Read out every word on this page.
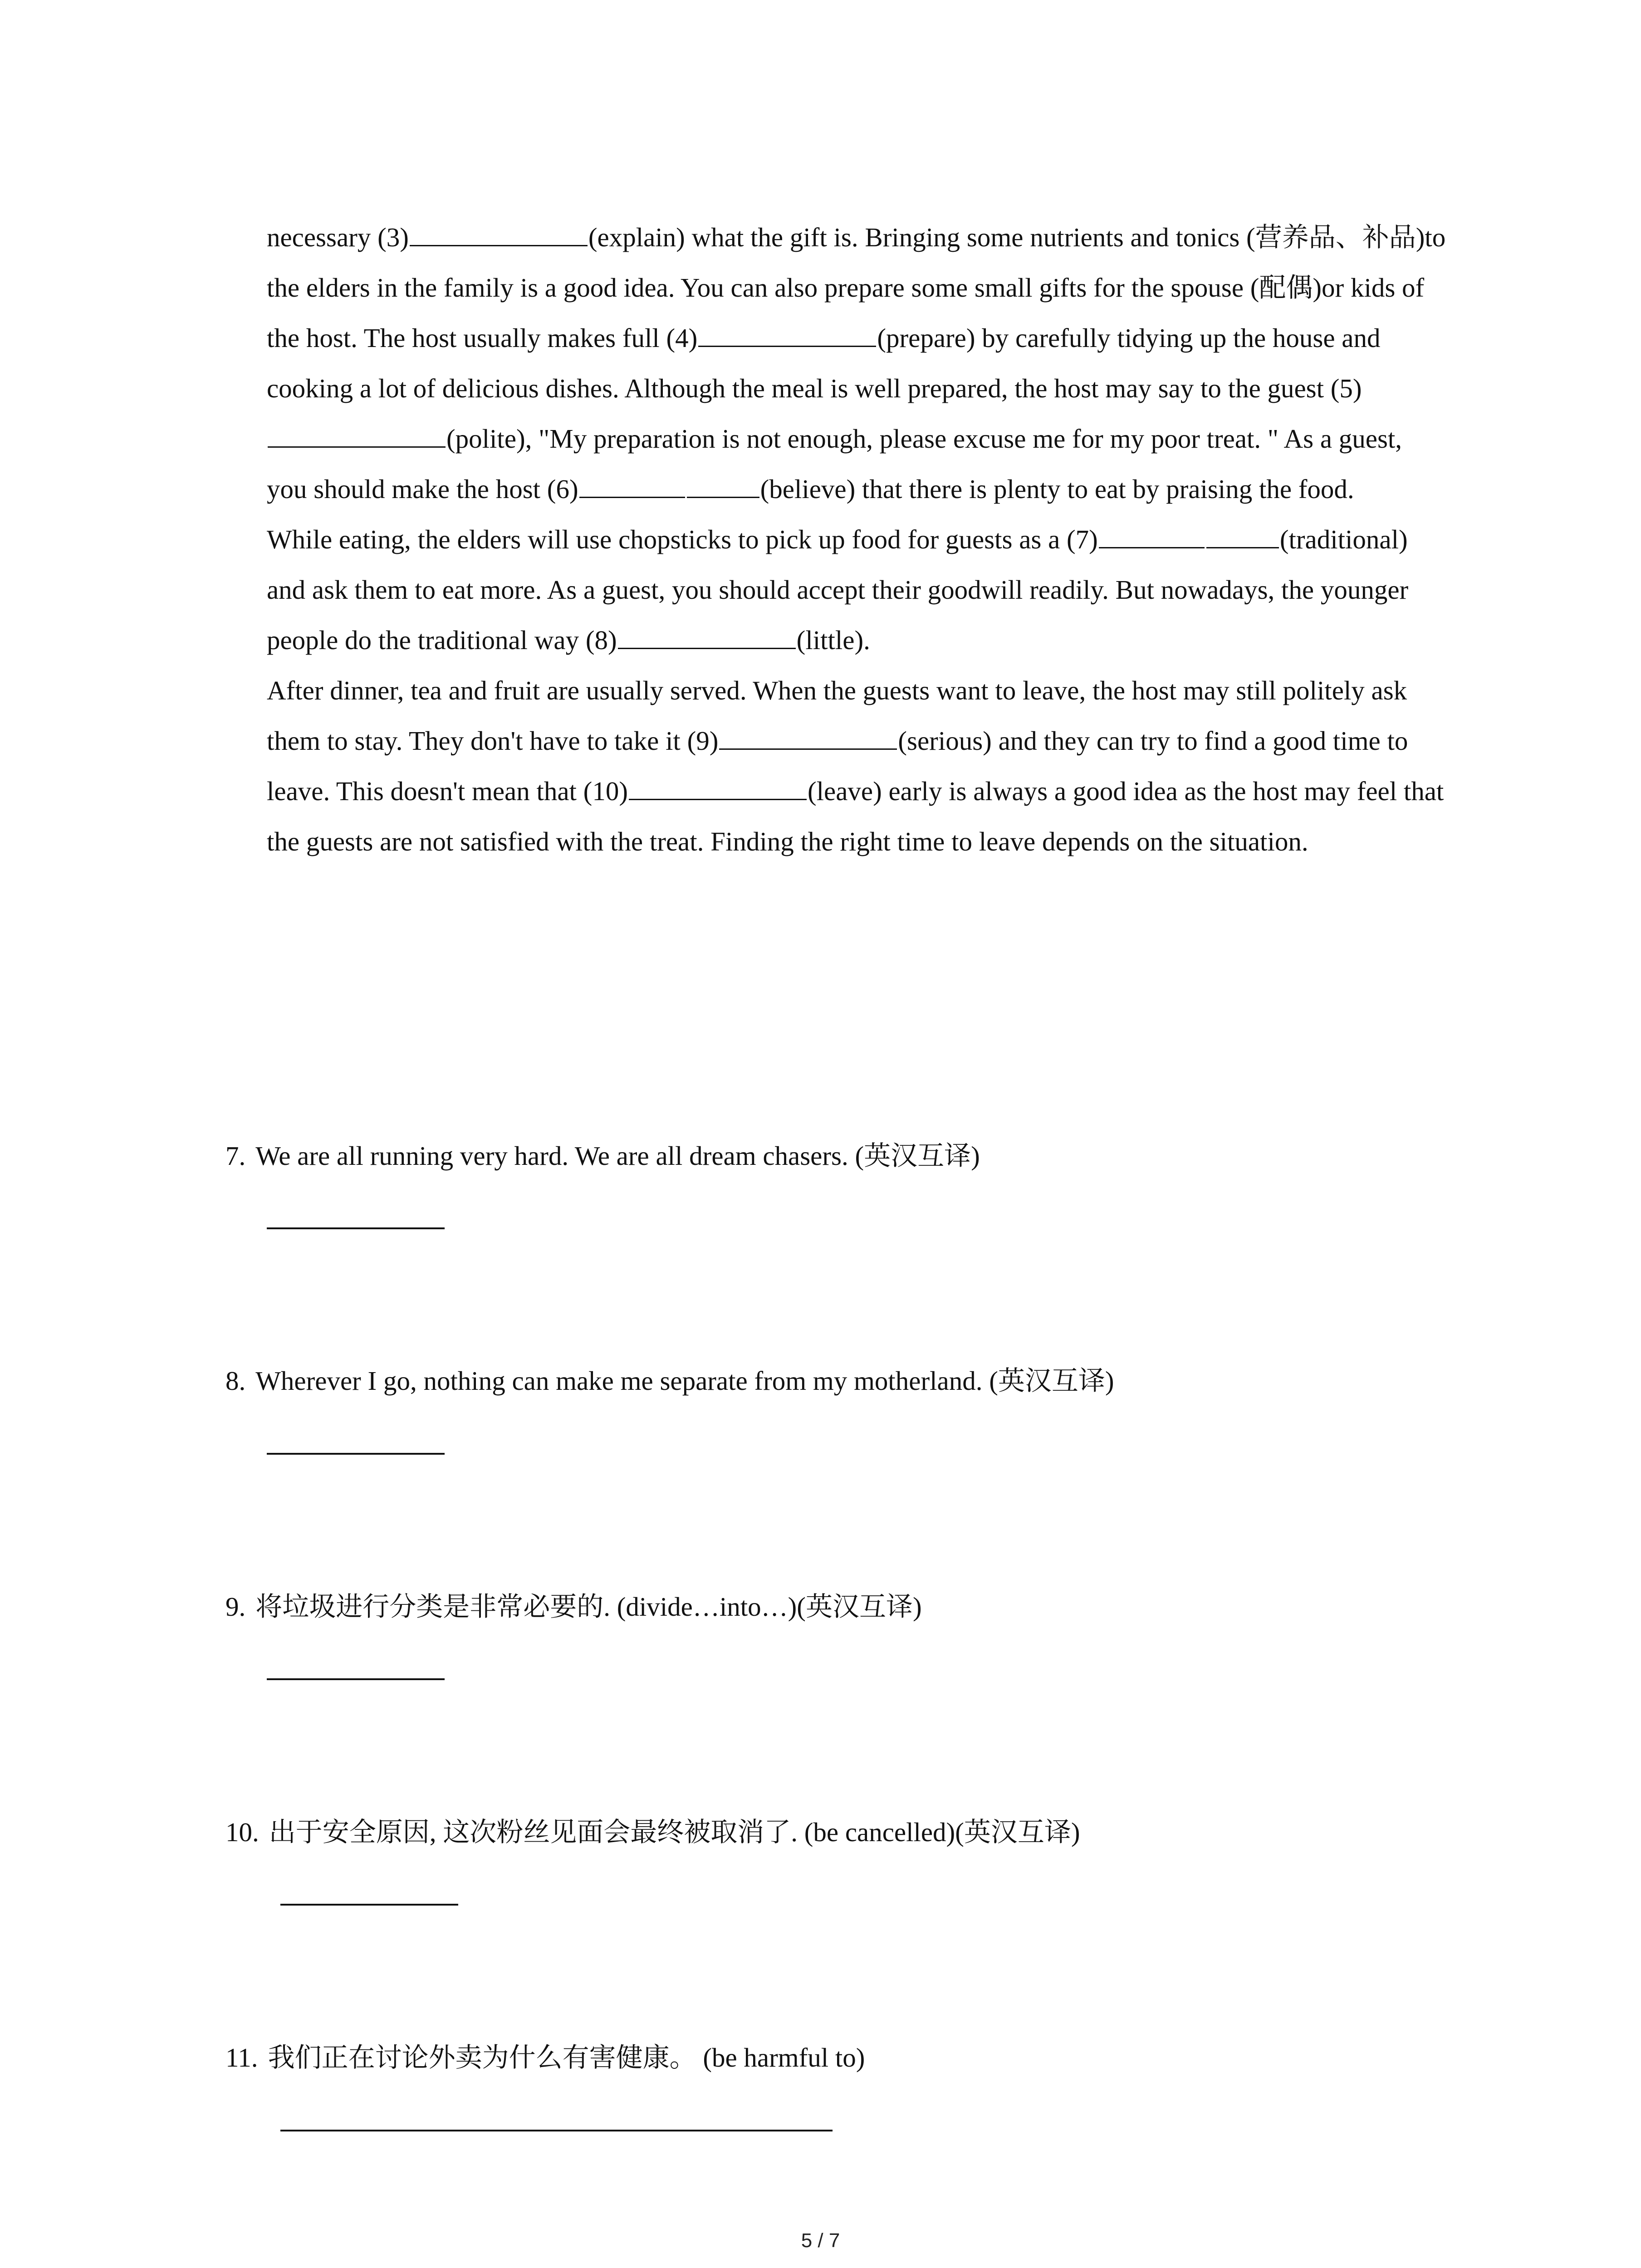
necessary (3)	(explain) what the gift is. Bringing some nutrients and tonics (营养品、补品)to the elders in the family is a good idea. You can also prepare some small gifts for the spouse (配偶)or kids of the host. The host usually makes full (4)	(prepare) by carefully tidying up the house and cooking a lot of delicious dishes. Although the meal is well prepared, the host may say to the guest (5)(polite), "My preparation is not enough, please excuse me for my poor treat. " As a guest, you should make the host (6)	(believe) that there is plenty to eat by praising the food.

While eating, the elders will use chopsticks to pick up food for guests as a (7)	(traditional) and ask them to eat more. As a guest, you should accept their goodwill readily. But nowadays, the younger people do the traditional way (8)	(little).

After dinner, tea and fruit are usually served. When the guests want to leave, the host may still politely ask them to stay. They don't have to take it (9)	(serious) and they can try to find a good time to leave. This doesn't mean that (10)	(leave) early is always a good idea as the host may feel that the guests are not satisfied with the treat. Finding the right time to leave depends on the situation.

7. We are all running very hard. We are all dream chasers. (英汉互译)
8. Wherever I go, nothing can make me separate from my motherland. (英汉互译)
9. 将垃圾进行分类是非常必要的. (divide…into…)(英汉互译)
10. 出于安全原因, 这次粉丝见面会最终被取消了. (be cancelled)(英汉互译)
11. 我们正在讨论外卖为什么有害健康。 (be harmful to)
5 / 7
